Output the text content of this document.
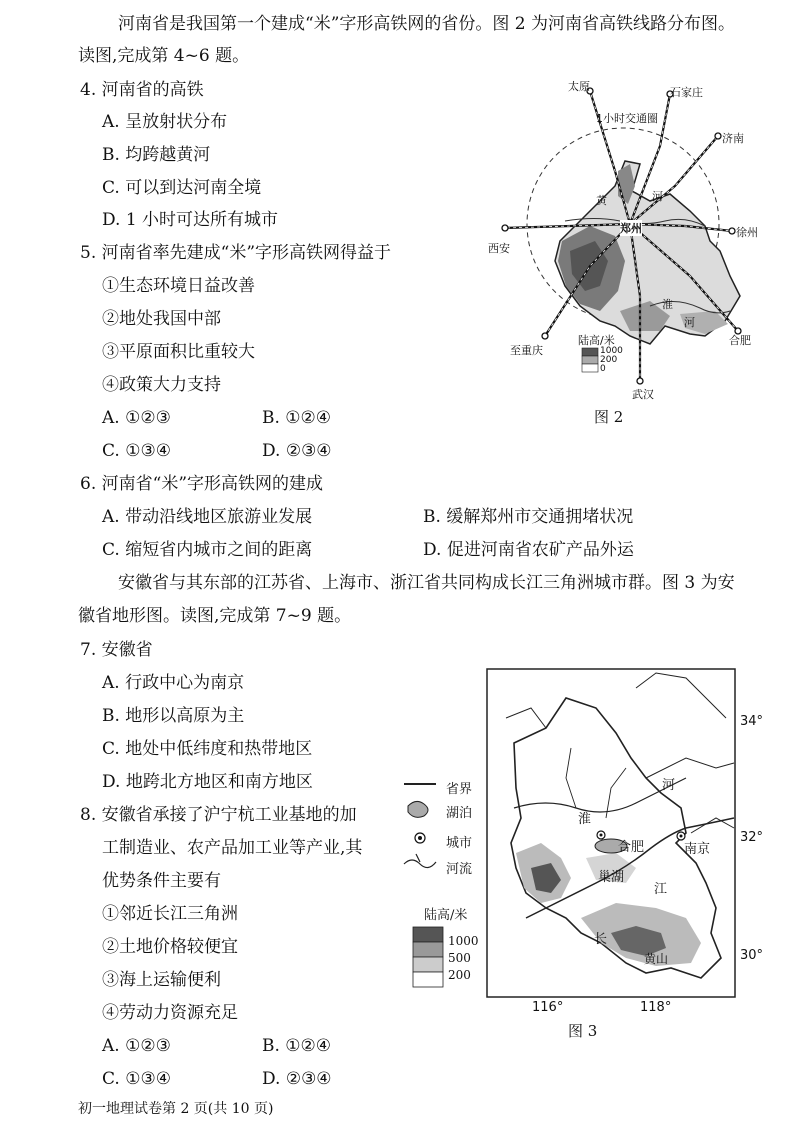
河南省是我国第一个建成“米”字形高铁网的省份。图 2 为河南省高铁线路分布图。
读图,完成第 4~6 题。
4. 河南省的高铁
A. 呈放射状分布
B. 均跨越黄河
C. 可以到达河南全境
D. 1 小时可达所有城市
5. 河南省率先建成“米”字形高铁网得益于
①生态环境日益改善
②地处我国中部
③平原面积比重较大
④政策大力支持
A. ①②③	B. ①②④
C. ①③④	D. ②③④
6. 河南省“米”字形高铁网的建成
A. 带动沿线地区旅游业发展	B. 缓解郑州市交通拥堵状况
C. 缩短省内城市之间的距离	D. 促进河南省农矿产品外运
安徽省与其东部的江苏省、上海市、浙江省共同构成长江三角洲城市群。图 3 为安
徽省地形图。读图,完成第 7~9 题。
7. 安徽省
A. 行政中心为南京
B. 地形以高原为主
C. 地处中低纬度和热带地区
D. 地跨北方地区和南方地区
8. 安徽省承接了沪宁杭工业基地的加
工制造业、农产品加工业等产业,其
优势条件主要有
①邻近长江三角洲
②土地价格较便宜
③海上运输便利
④劳动力资源充足
A. ①②③	B. ①②④
C. ①③④	D. ②③④
太原	石家庄
1小时交通圈
济南
徐州
合肥
武汉
西安
至重庆
郑州
黄	河
淮
河
陆高/米
1000
200
0
图 2
34°
32°
30°
116°	118°
淮
河
合肥	南京
巢湖
江
长
黄山
图 3
省界
湖泊
城市
河流
陆高/米
1000
500
200
初一地理试卷第 2 页(共 10 页)
